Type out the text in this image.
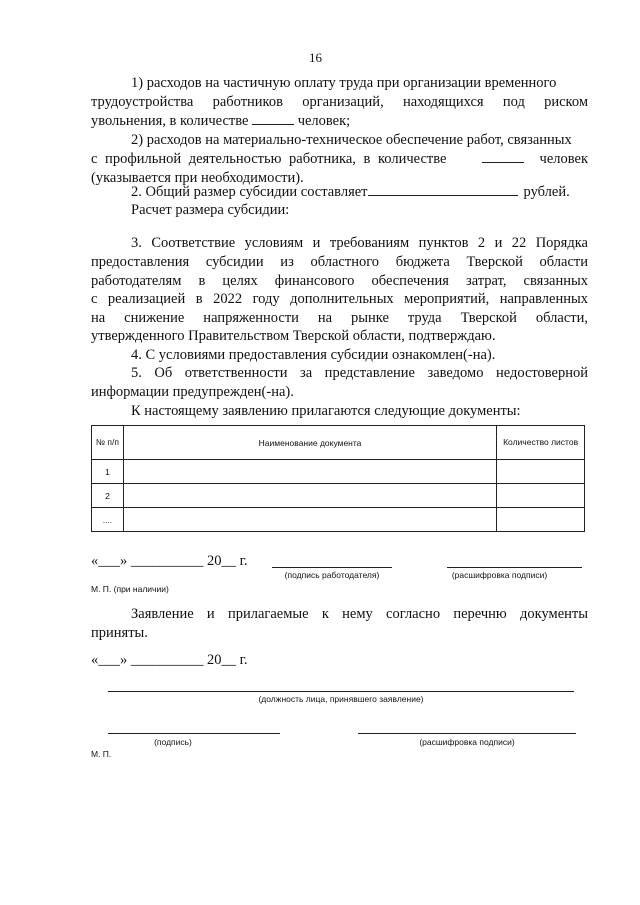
16
1) расходов на частичную оплату труда при организации временного
трудоустройства работников организаций, находящихся под риском
увольнения, в количестве	человек;
2) расходов на материально-техническое обеспечение работ, связанных
с профильной деятельностью работника, в количестве	человек
(указывается при необходимости).
2. Общий размер субсидии составляет	рублей.
Расчет размера субсидии:
3. Соответствие условиям и требованиям пунктов 2 и 22 Порядка
предоставления субсидии из областного бюджета Тверской области
работодателям в целях финансового обеспечения затрат, связанных
с реализацией в 2022 году дополнительных мероприятий, направленных
на снижение напряженности на рынке труда Тверской области,
утвержденного Правительством Тверской области, подтверждаю.
4. С условиями предоставления субсидии ознакомлен(-на).
5. Об ответственности за представление заведомо недостоверной
информации предупрежден(-на).
К настоящему заявлению прилагаются следующие документы:
№ п/п	Наименование документа	Количество листов
1		
2		
....		
«___» __________ 20__ г.
(подпись работодателя)	(расшифровка подписи)
М. П. (при наличии)
Заявление и прилагаемые к нему согласно перечню документы
приняты.
«___» __________ 20__ г.
(должность лица, принявшего заявление)
(подпись)	(расшифровка подписи)
М. П.
